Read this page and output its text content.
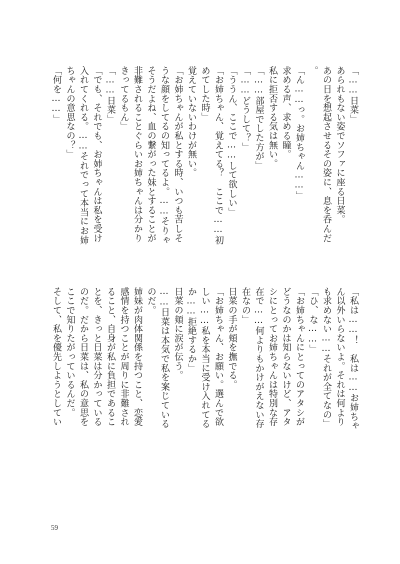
「……日菜」
あられもない姿でソファに座る日菜。
あの日を想起させるその姿に、息を呑んだ
。
「ん……っ。お姉ちゃん……」
求める声、求める瞳。
私に拒否する気は無い。
「……部屋でした方が」
「……どうして？」
「ううん、ここで……して欲しい」
「お姉ちゃん、覚えてる？　ここで……初
めてした時」
覚えていないわけが無い。
「お姉ちゃんが私とする時、いつも苦しそ
うな顔をしてるの知ってるよ。……そりゃ
そうだよね、血の繋がった妹とすることが
非難されることぐらいお姉ちゃんは分かり
きってるもん」
「……日菜」
「でも、それでも、お姉ちゃんは私を受け
入れてくれる。……それでって本当にお姉
ちゃんの意思なの？」
「何を……」
「私は……！　私は……お姉ちゃ
ん以外いらないよ。それは何より
も求めない……それが全てなの」
「ひ、な……」
「お姉ちゃんにとってのアタシが
どうなのかは知らないけど、アタ
シにとってお姉ちゃんは特別な存
在で……何よりもかけがえない存
在なの」
日菜の手が頬を撫でる。
「お姉ちゃん、お願い。選んで欲
しい……私を本当に受け入れてる
か……拒絶するか」
日菜の頬に涙が伝う。
……日菜は本気で私を案じている
のだ。
姉妹が肉体関係を持つこと、恋愛
感情を持つことが周りに非難され
ること、自身が私に負担であるこ
とを、きっと日菜は分かっている
のだ。だから日菜は、私の意思を
ここで知りたがっているんだ。
そして、私を優先しようとしてい
59
